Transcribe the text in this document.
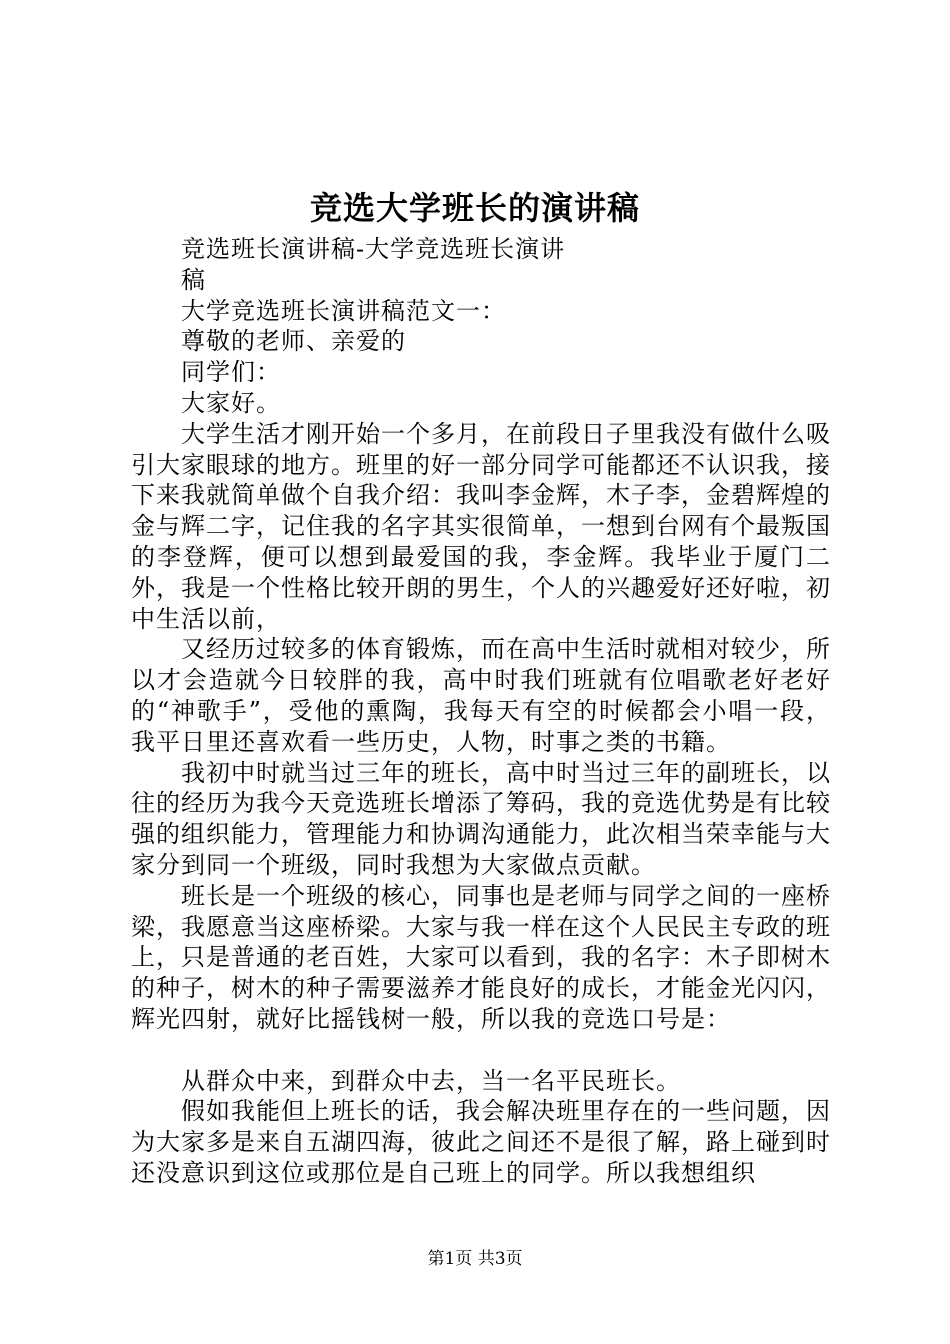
竞选大学班长的演讲稿

竞选班长演讲稿-大学竞选班长演讲

稿

大学竞选班长演讲稿范文一：

尊敬的老师、亲爱的

同学们：

大家好。

大学生活才刚开始一个多月，在前段日子里我没有做什么吸引大家眼球的地方。班里的好一部分同学可能都还不认识我，接下来我就简单做个自我介绍：我叫李金辉，木子李，金碧辉煌的金与辉二字，记住我的名字其实很简单，一想到台网有个最叛国的李登辉，便可以想到最爱国的我，李金辉。我毕业于厦门二外，我是一个性格比较开朗的男生，个人的兴趣爱好还好啦，初中生活以前，

又经历过较多的体育锻炼，而在高中生活时就相对较少，所以才会造就今日较胖的我，高中时我们班就有位唱歌老好老好的“神歌手”，受他的熏陶，我每天有空的时候都会小唱一段，我平日里还喜欢看一些历史，人物，时事之类的书籍。

我初中时就当过三年的班长，高中时当过三年的副班长，以往的经历为我今天竞选班长增添了筹码，我的竞选优势是有比较强的组织能力，管理能力和协调沟通能力，此次相当荣幸能与大家分到同一个班级，同时我想为大家做点贡献。

班长是一个班级的核心，同事也是老师与同学之间的一座桥梁，我愿意当这座桥梁。大家与我一样在这个人民民主专政的班上，只是普通的老百姓，大家可以看到，我的名字：木子即树木的种子，树木的种子需要滋养才能良好的成长，才能金光闪闪，辉光四射，就好比摇钱树一般，所以我的竞选口号是：

从群众中来，到群众中去，当一名平民班长。

假如我能但上班长的话，我会解决班里存在的一些问题，因为大家多是来自五湖四海，彼此之间还不是很了解，路上碰到时还没意识到这位或那位是自己班上的同学。所以我想组织

第1页 共3页
